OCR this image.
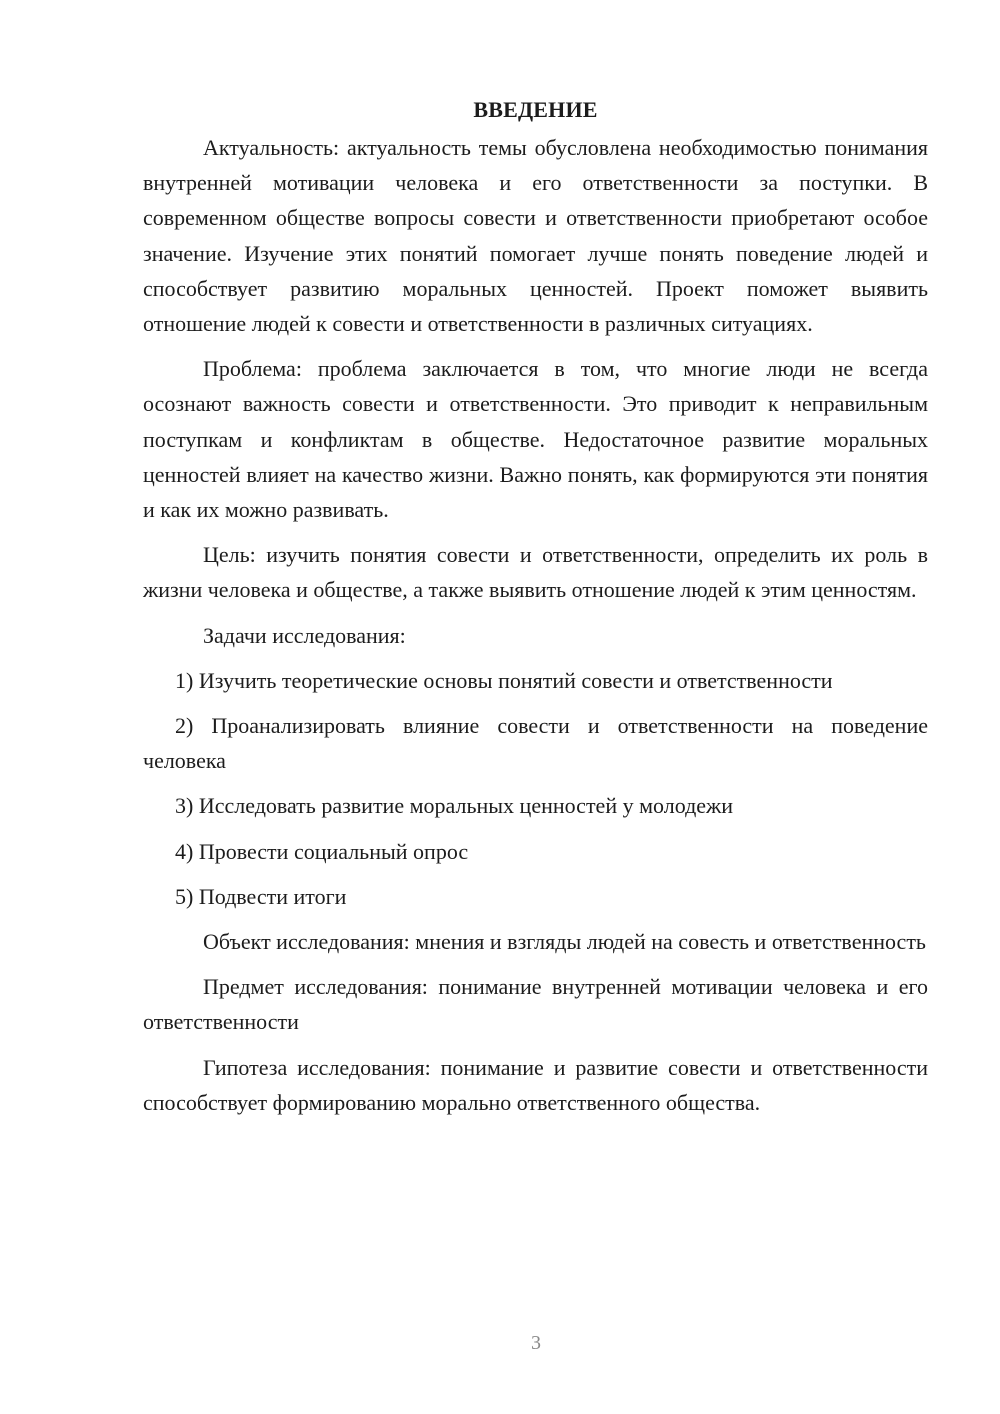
ВВЕДЕНИЕ

Актуальность: актуальность темы обусловлена необходимостью понимания внутренней мотивации человека и его ответственности за поступки. В современном обществе вопросы совести и ответственности приобретают особое значение. Изучение этих понятий помогает лучше понять поведение людей и способствует развитию моральных ценностей. Проект поможет выявить отношение людей к совести и ответственности в различных ситуациях.

Проблема: проблема заключается в том, что многие люди не всегда осознают важность совести и ответственности. Это приводит к неправильным поступкам и конфликтам в обществе. Недостаточное развитие моральных ценностей влияет на качество жизни. Важно понять, как формируются эти понятия и как их можно развивать.

Цель: изучить понятия совести и ответственности, определить их роль в жизни человека и обществе, а также выявить отношение людей к этим ценностям.

Задачи исследования:

1) Изучить теоретические основы понятий совести и ответственности

2) Проанализировать влияние совести и ответственности на поведение человека

3) Исследовать развитие моральных ценностей у молодежи

4) Провести социальный опрос

5) Подвести итоги

Объект исследования: мнения и взгляды людей на совесть и ответственность

Предмет исследования: понимание внутренней мотивации человека и его ответственности

Гипотеза исследования: понимание и развитие совести и ответственности способствует формированию морально ответственного общества.

3
